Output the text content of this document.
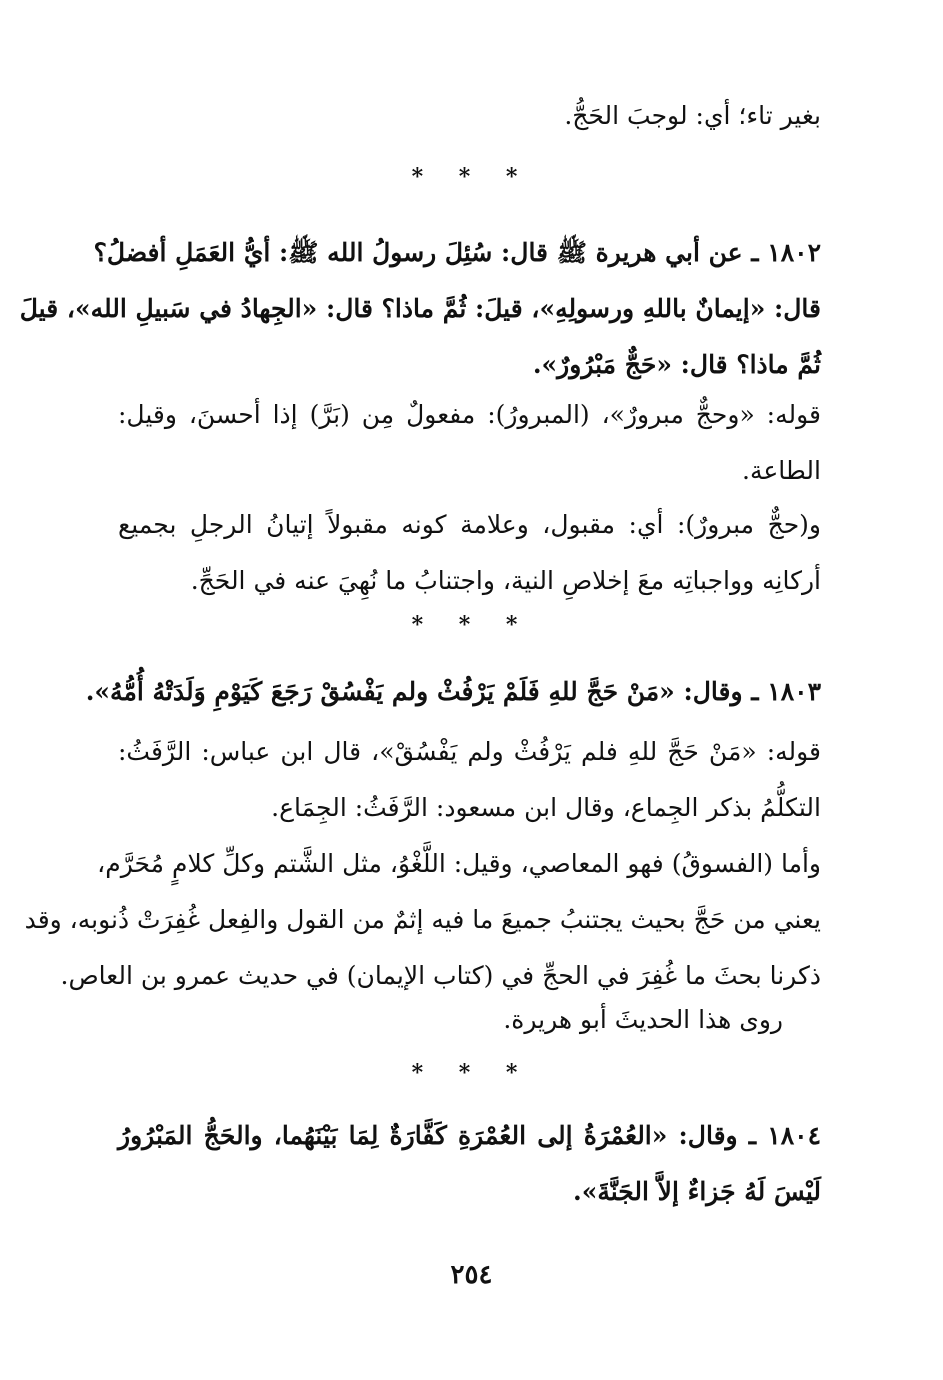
بغير تاء؛ أي: لوجبَ الحَجُّ.
* * *
١٨٠٢ ـ عن أبي هريرة ﷺ قال: سُئِلَ رسولُ الله ﷺ: أيُّ العَمَلِ أفضلُ؟
قال: «إيمانٌ باللهِ ورسولِهِ»، قيلَ: ثُمَّ ماذا؟ قال: «الجِهادُ في سَبيلِ الله»، قيلَ
ثُمَّ ماذا؟ قال: «حَجٌّ مَبْرُورٌ».
قوله: «وحجٌّ مبرورٌ»، (المبرورُ): مفعولٌ مِن (بَرَّ) إذا أحسنَ، وقيل:
الطاعة.
و(حجٌّ مبرورٌ): أي: مقبول، وعلامة كونه مقبولاً إتيانُ الرجلِ بجميع
أركانِه وواجباتِه معَ إخلاصِ النية، واجتنابُ ما نُهِيَ عنه في الحَجِّ.
* * *
١٨٠٣ ـ وقال: «مَنْ حَجَّ للهِ فَلَمْ يَرْفُثْ ولم يَفْسُقْ رَجَعَ كَيَوْمِ وَلَدَتْهُ أُمُّهُ».
قوله: «مَنْ حَجَّ للهِ فلم يَرْفُثْ ولم يَفْسُقْ»، قال ابن عباس: الرَّفَثُ:
التكلُّمُ بذكر الجِماع، وقال ابن مسعود: الرَّفَثُ: الجِمَاع.
وأما (الفسوقُ) فهو المعاصي، وقيل: اللَّغْوُ، مثل الشَّتم وكلِّ كلامٍ مُحَرَّم،
يعني من حَجَّ بحيث يجتنبُ جميعَ ما فيه إثمٌ من القول والفِعل غُفِرَتْ ذُنوبه، وقد
ذكرنا بحثَ ما غُفِرَ في الحجِّ في (كتاب الإيمان) في حديث عمرو بن العاص.
روى هذا الحديثَ أبو هريرة.
* * *
١٨٠٤ ـ وقال: «العُمْرَةُ إلى العُمْرَةِ كَفَّارَةٌ لِمَا بَيْنَهُما، والحَجُّ المَبْرُورُ
لَيْسَ لَهُ جَزاءٌ إلاَّ الجَنَّةَ».
٢٥٤
